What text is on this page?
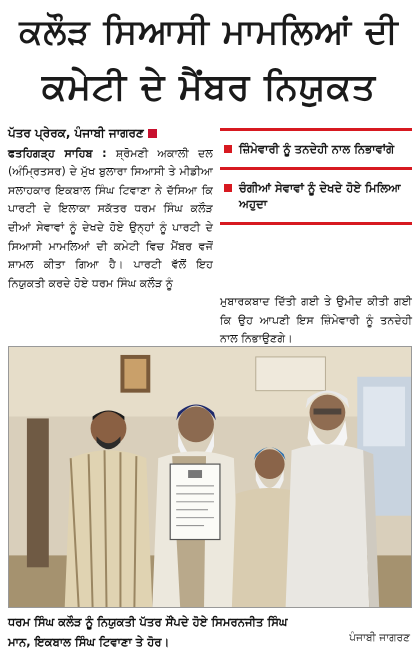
ਕਲੌੜ ਸਿਆਸੀ ਮਾਮਲਿਆਂ ਦੀ
ਕਮੇਟੀ ਦੇ ਮੈਂਬਰ ਨਿਯੁਕਤ
ਪੱਤਰ ਪ੍ਰੇਰਕ, ਪੰਜਾਬੀ ਜਾਗਰਣ

ਫਤਹਿਗੜ੍ਹ ਸਾਹਿਬ : ਸ਼੍ਰੋਮਣੀ ਅਕਾਲੀ ਦਲ (ਅੰਮ੍ਰਿਤਸਰ) ਦੇ ਮੁੱਖ ਬੁਲਾਰਾ ਸਿਆਸੀ ਤੇ ਮੀਡੀਆ ਸਲਾਹਕਾਰ ਇਕਬਾਲ ਸਿੰਘ ਟਿਵਾਣਾ ਨੇ ਦੱਸਿਆ ਕਿ ਪਾਰਟੀ ਦੇ ਇਲਾਕਾ ਸਕੱਤਰ ਧਰਮ ਸਿੰਘ ਕਲੌੜ ਦੀਆਂ ਸੇਵਾਵਾਂ ਨੂੰ ਦੇਖਦੇ ਹੋਏ ਉਨ੍ਹਾਂ ਨੂੰ ਪਾਰਟੀ ਦੇ ਸਿਆਸੀ ਮਾਮਲਿਆਂ ਦੀ ਕਮੇਟੀ ਵਿਚ ਮੈਂਬਰ ਵਜੋਂ ਸ਼ਾਮਲ ਕੀਤਾ ਗਿਆ ਹੈ। ਪਾਰਟੀ ਵੱਲੋਂ ਇਹ ਨਿਯੁਕਤੀ ਕਰਦੇ ਹੋਏ ਧਰਮ ਸਿੰਘ ਕਲੌੜ ਨੂੰ

ਜ਼ਿੰਮੇਵਾਰੀ ਨੂੰ ਤਨਦੇਹੀ ਨਾਲ ਨਿਭਾਵਾਂਗੇ
ਚੰਗੀਆਂ ਸੇਵਾਵਾਂ ਨੂੰ ਦੇਖਦੇ ਹੋਏ ਮਿਲਿਆ ਅਹੁਦਾ
ਮੁਬਾਰਕਬਾਦ ਦਿੱਤੀ ਗਈ ਤੇ ਉਮੀਦ ਕੀਤੀ ਗਈ ਕਿ ਉਹ ਆਪਣੀ ਇਸ ਜ਼ਿੰਮੇਵਾਰੀ ਨੂੰ ਤਨਦੇਹੀ ਨਾਲ ਨਿਭਾਉਣਗੇ।
ਧਰਮ ਸਿੰਘ ਕਲੌੜ ਨੂੰ ਨਿਯੁਕਤੀ ਪੱਤਰ ਸੌਂਪਦੇ ਹੋਏ ਸਿਮਰਨਜੀਤ ਸਿੰਘ ਮਾਨ, ਇਕਬਾਲ ਸਿੰਘ ਟਿਵਾਣਾ ਤੇ ਹੋਰ।	ਪੰਜਾਬੀ ਜਾਗਰਣ
